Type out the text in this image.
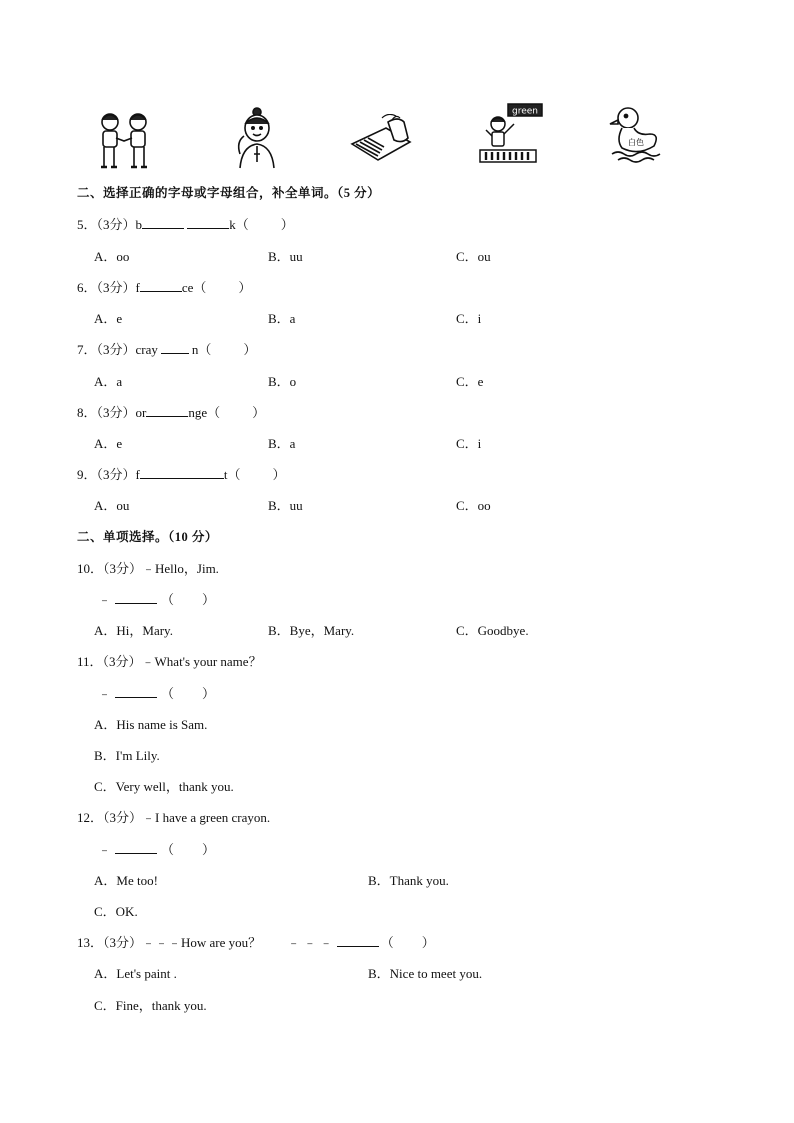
green
白色
二、选择正确的字母或字母组合，补全单词。（5 分）
5．（3分）b	k（ ）
A．oo	B．uu	C．ou
6．（3分）f	ce（ ）
A．e	B．a	C．i
7．（3分）cray	n（ ）
A．a	B．o	C．e
8．（3分）or	nge（ ）
A．e	B．a	C．i
9．（3分）f	t（ ）
A．ou	B．uu	C．oo
二、单项选择。（10 分）
10．（3分）﹣Hello，Jim.
﹣	（ ）
A．Hi，Mary.	B．Bye，Mary.	C．Goodbye.
11．（3分）﹣What's your name？
﹣	（ ）
A．His name is Sam.
B．I'm Lily.
C．Very well，thank you.
12．（3分）﹣I have a green crayon.
﹣	（ ）
A．Me too!	B．Thank you.
C．OK.
13．（3分）﹣﹣﹣How are you？ ﹣ ﹣ ﹣	（ ）
A．Let's paint .	B．Nice to meet you.
C．Fine，thank you.
